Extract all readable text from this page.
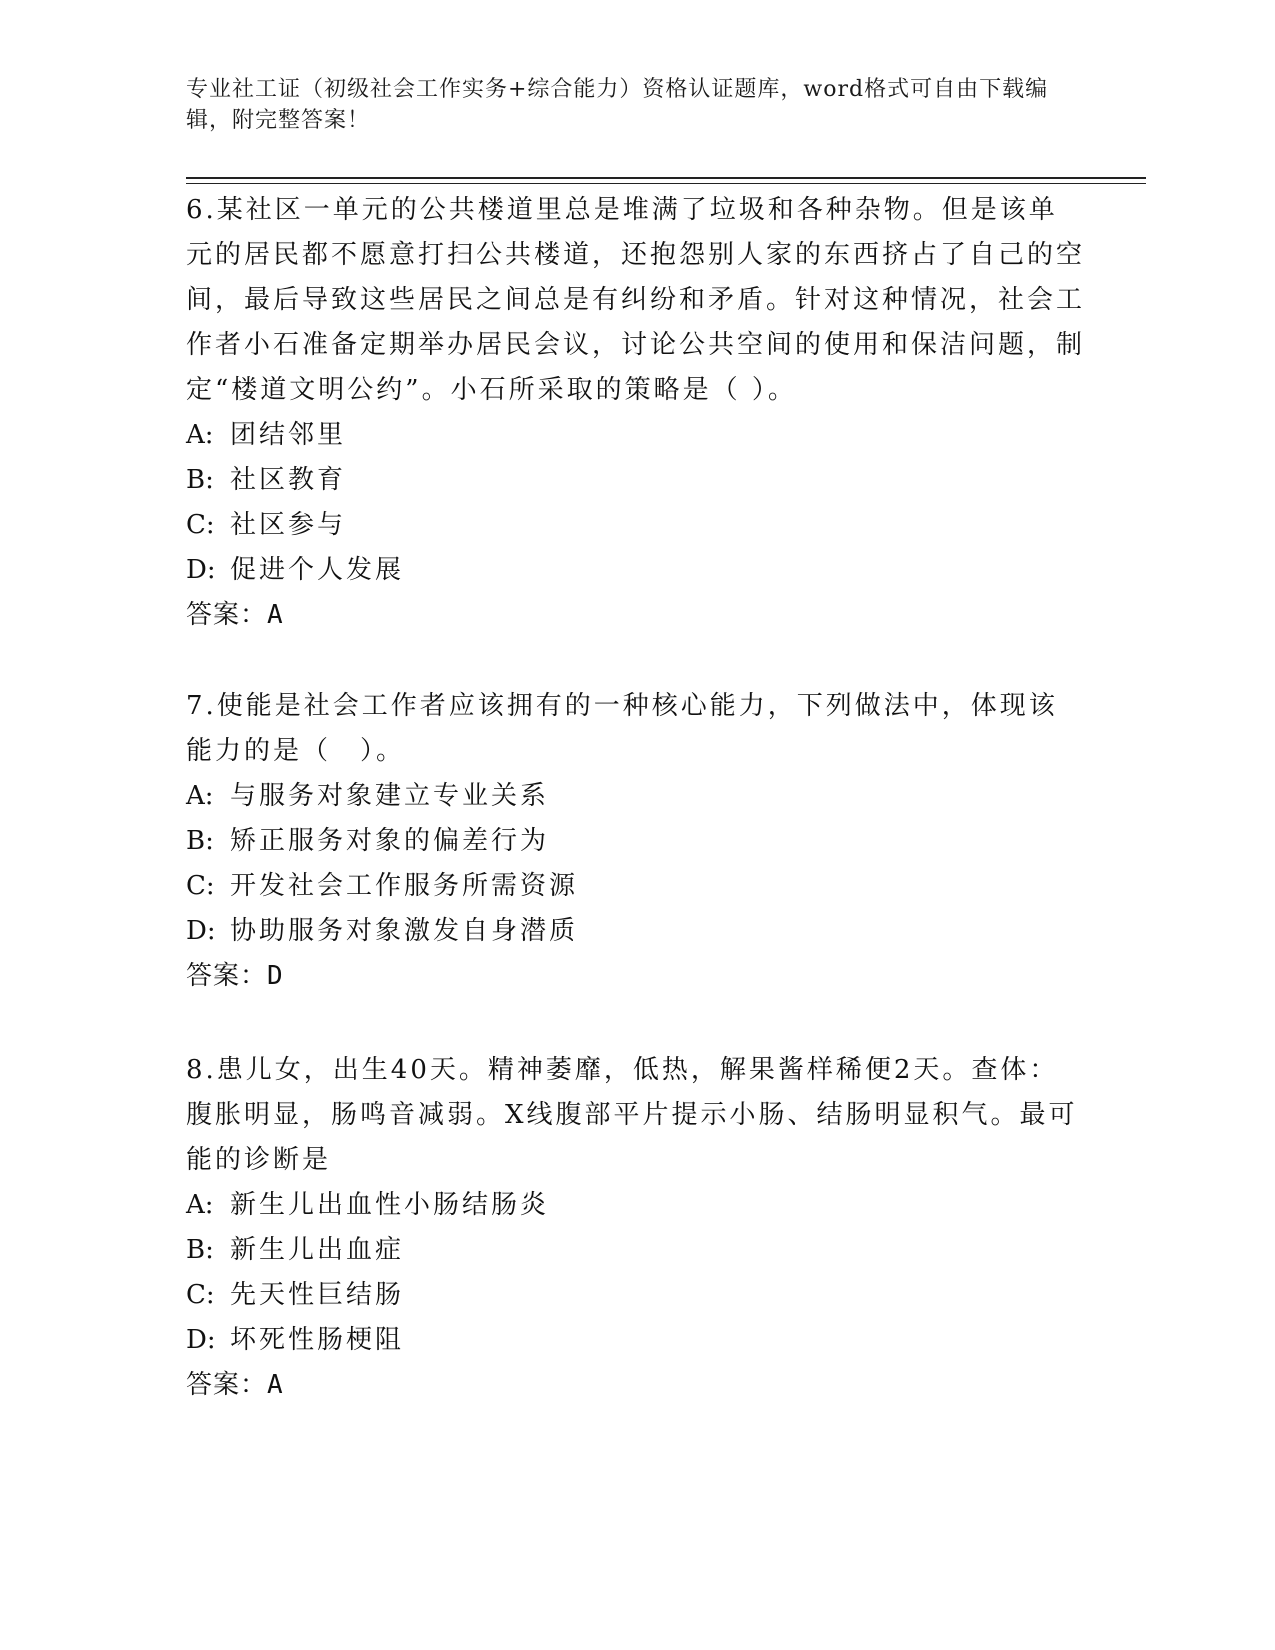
专业社工证（初级社会工作实务+综合能力）资格认证题库，word格式可自由下载编辑，附完整答案！

6.某社区一单元的公共楼道里总是堆满了垃圾和各种杂物。但是该单元的居民都不愿意打扫公共楼道，还抱怨别人家的东西挤占了自己的空间，最后导致这些居民之间总是有纠纷和矛盾。针对这种情况，社会工作者小石准备定期举办居民会议，讨论公共空间的使用和保洁问题，制定“楼道文明公约”。小石所采取的策略是（ ）。

A: 团结邻里

B: 社区教育

C: 社区参与

D: 促进个人发展

答案：A

7.使能是社会工作者应该拥有的一种核心能力，下列做法中，体现该能力的是（　）。

A: 与服务对象建立专业关系

B: 矫正服务对象的偏差行为

C: 开发社会工作服务所需资源

D: 协助服务对象激发自身潜质

答案：D

8.患儿女，出生40天。精神萎靡，低热，解果酱样稀便2天。查体：腹胀明显，肠鸣音减弱。X线腹部平片提示小肠、结肠明显积气。最可能的诊断是

A: 新生儿出血性小肠结肠炎

B: 新生儿出血症

C: 先天性巨结肠

D: 坏死性肠梗阻

答案：A
